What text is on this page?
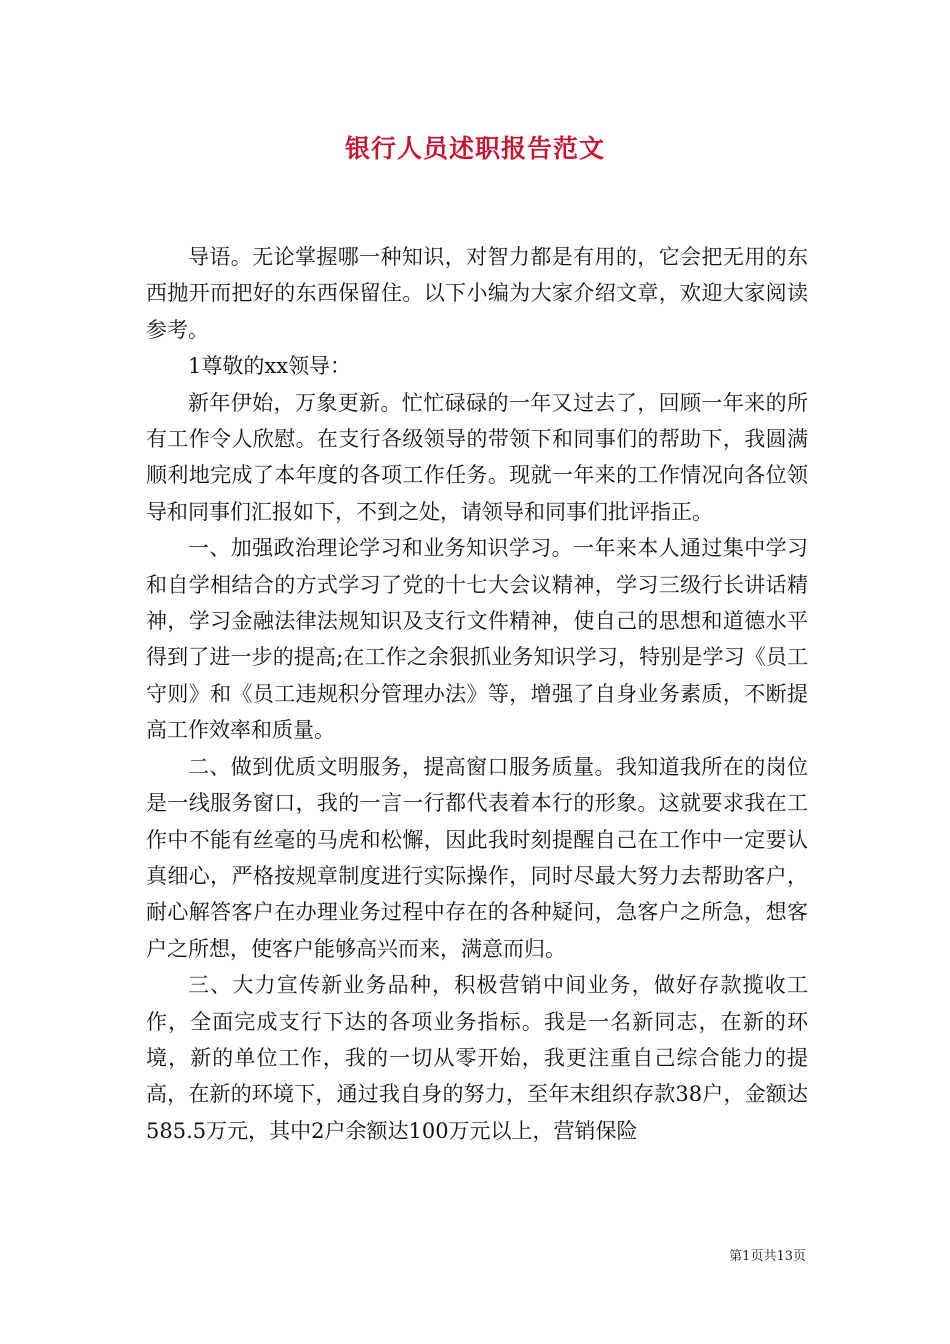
银行人员述职报告范文

导语。无论掌握哪一种知识，对智力都是有用的，它会把无用的东西抛开而把好的东西保留住。以下小编为大家介绍文章，欢迎大家阅读参考。

1尊敬的xx领导：

新年伊始，万象更新。忙忙碌碌的一年又过去了，回顾一年来的所有工作令人欣慰。在支行各级领导的带领下和同事们的帮助下，我圆满顺利地完成了本年度的各项工作任务。现就一年来的工作情况向各位领导和同事们汇报如下，不到之处，请领导和同事们批评指正。

一、加强政治理论学习和业务知识学习。一年来本人通过集中学习和自学相结合的方式学习了党的十七大会议精神，学习三级行长讲话精神，学习金融法律法规知识及支行文件精神，使自己的思想和道德水平得到了进一步的提高;在工作之余狠抓业务知识学习，特别是学习《员工守则》和《员工违规积分管理办法》等，增强了自身业务素质，不断提高工作效率和质量。

二、做到优质文明服务，提高窗口服务质量。我知道我所在的岗位是一线服务窗口，我的一言一行都代表着本行的形象。这就要求我在工作中不能有丝毫的马虎和松懈，因此我时刻提醒自己在工作中一定要认真细心，严格按规章制度进行实际操作，同时尽最大努力去帮助客户，耐心解答客户在办理业务过程中存在的各种疑问，急客户之所急，想客户之所想，使客户能够高兴而来，满意而归。

三、大力宣传新业务品种，积极营销中间业务，做好存款揽收工作，全面完成支行下达的各项业务指标。我是一名新同志，在新的环境，新的单位工作，我的一切从零开始，我更注重自己综合能力的提高，在新的环境下，通过我自身的努力，至年末组织存款38户，金额达585.5万元，其中2户余额达100万元以上，营销保险

第1页共13页
